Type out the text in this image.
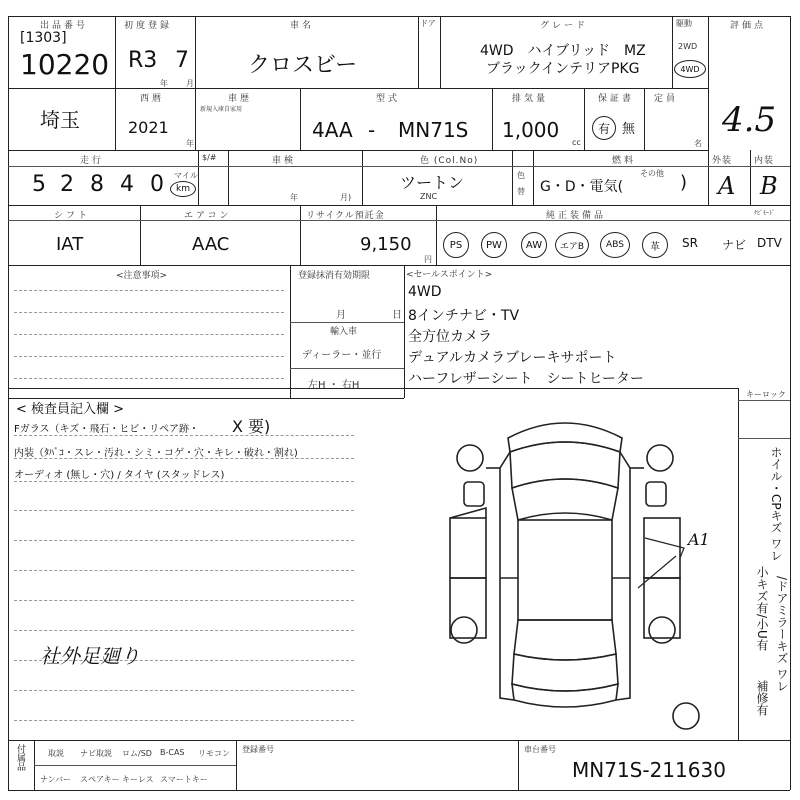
出品番号
[1303]
10220
初度登録
R3 7
年 月
車名
クロスビー
ドア	グレード
4WD　ハイブリッド　MZ
ブラックインテリアPKG
駆動
2WD
4WD
評価点
4.5
埼玉
西暦
2021
年
車歴
新規入庫自家用
型式
4AA - MN71S
排気量
1,000
cc
保証書
有 無
定員
名
走行
5 2 8 4 0 マイル
km
$/#	車検
年	月)
色 (Col.No)
ツートン
ZNC
色
替
燃料
G・D・電気(
その他 )
外装 内装
A B
シフト
IAT
エアコン
AAC
リサイクル預託金
9,150
円
純正装備品	ﾅﾋﾞﾓｰﾄﾞ
PS	PW	AW	エアB	ABS	革	SR ナビ DTV
<注意事項>	登録抹消有効期限
月	日
輸入車
ディーラー・並行
左H ・ 右H
<セールスポイント>
4WD
8インチナビ・TV
全方位カメラ
デュアルカメラブレーキサポート
ハーフレザーシート　シートヒーター
< 検査員記入欄 >
Fガラス（キズ・飛石・ヒビ・リペア跡・ X 要)
内装（ﾀﾊﾞｺ・スレ・汚れ・シミ・コゲ・穴・キレ・破れ・割れ)
オーディオ (無し・穴) / タイヤ (スタッドレス)
社外足廻り
A1
キーロック
ホイル・CPキズ ワレ
/ドアミラーキズ ワレ
小キズ有/小U有
補修有
付属品	取説 ナビ取説 ロム/SD B-CAS リモコン
ナンバー スペアキー キーレス スマートキー
登録番号	車台番号
MN71S-211630
